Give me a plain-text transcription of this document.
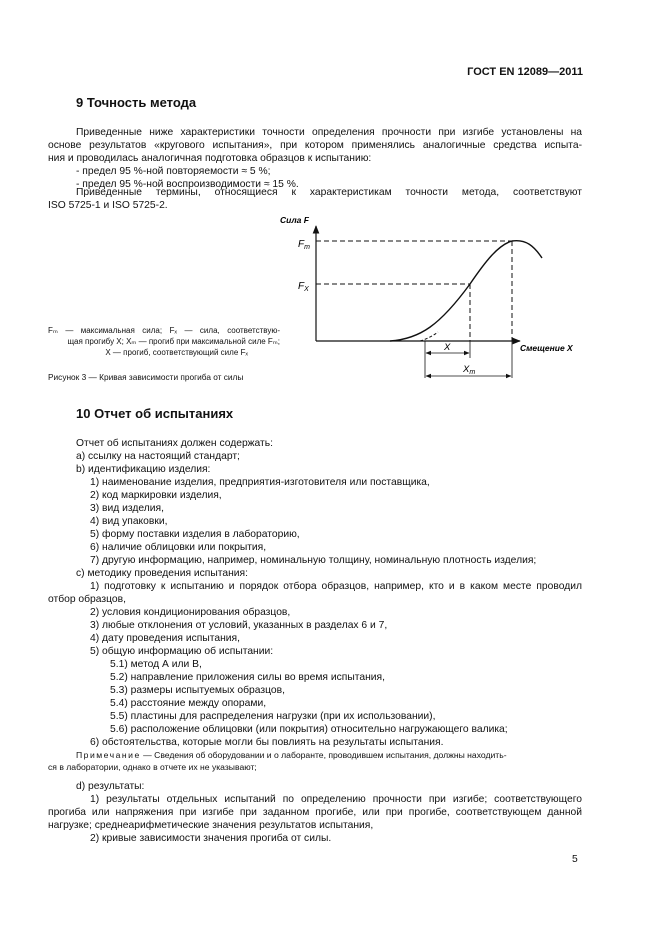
ГОСТ EN 12089—2011
9 Точность метода
Приведенные ниже характеристики точности определения прочности при изгибе установлены на
основе результатов «кругового испытания», при котором применялись аналогичные средства испыта-
ния и проводилась аналогичная подготовка образцов к испытанию:
- предел 95 %-ной повторяемости ≈ 5 %;
- предел 95 %-ной воспроизводимости ≈ 15 %.
Приведенные термины, относящиеся к характеристикам точности метода, соответствуют
ISO 5725-1 и ISO 5725-2.
Fₘ — максимальная сила; Fₓ — сила, соответствую-
щая прогибу X; Xₘ — прогиб при максимальной силе Fₘ;
X — прогиб, соответствующий силе Fₓ
Рисунок 3 — Кривая зависимости прогиба от силы
Сила F
$F_m$
$F_X$
Смещение X
X
$X_m$
10 Отчет об испытаниях
Отчет об испытаниях должен содержать:
a) ссылку на настоящий стандарт;
b) идентификацию изделия:
1) наименование изделия, предприятия-изготовителя или поставщика,
2) код маркировки изделия,
3) вид изделия,
4) вид упаковки,
5) форму поставки изделия в лабораторию,
6) наличие облицовки или покрытия,
7) другую информацию, например, номинальную толщину, номинальную плотность изделия;
c) методику проведения испытания:
1) подготовку к испытанию и порядок отбора образцов, например, кто и в каком месте проводил
отбор образцов,
2) условия кондиционирования образцов,
3) любые отклонения от условий, указанных в разделах 6 и 7,
4) дату проведения испытания,
5) общую информацию об испытании:
5.1) метод А или В,
5.2) направление приложения силы во время испытания,
5.3) размеры испытуемых образцов,
5.4) расстояние между опорами,
5.5) пластины для распределения нагрузки (при их использовании),
5.6) расположение облицовки (или покрытия) относительно нагружающего валика;
6) обстоятельства, которые могли бы повлиять на результаты испытания.
Примечание — Сведения об оборудовании и о лаборанте, проводившем испытания, должны находить-
ся в лаборатории, однако в отчете их не указывают;
d) результаты:
1) результаты отдельных испытаний по определению прочности при изгибе; соответствующего
прогиба или напряжения при изгибе при заданном прогибе, или при прогибе, соответствующем данной
нагрузке; среднеарифметические значения результатов испытания,
2) кривые зависимости значения прогиба от силы.
5
